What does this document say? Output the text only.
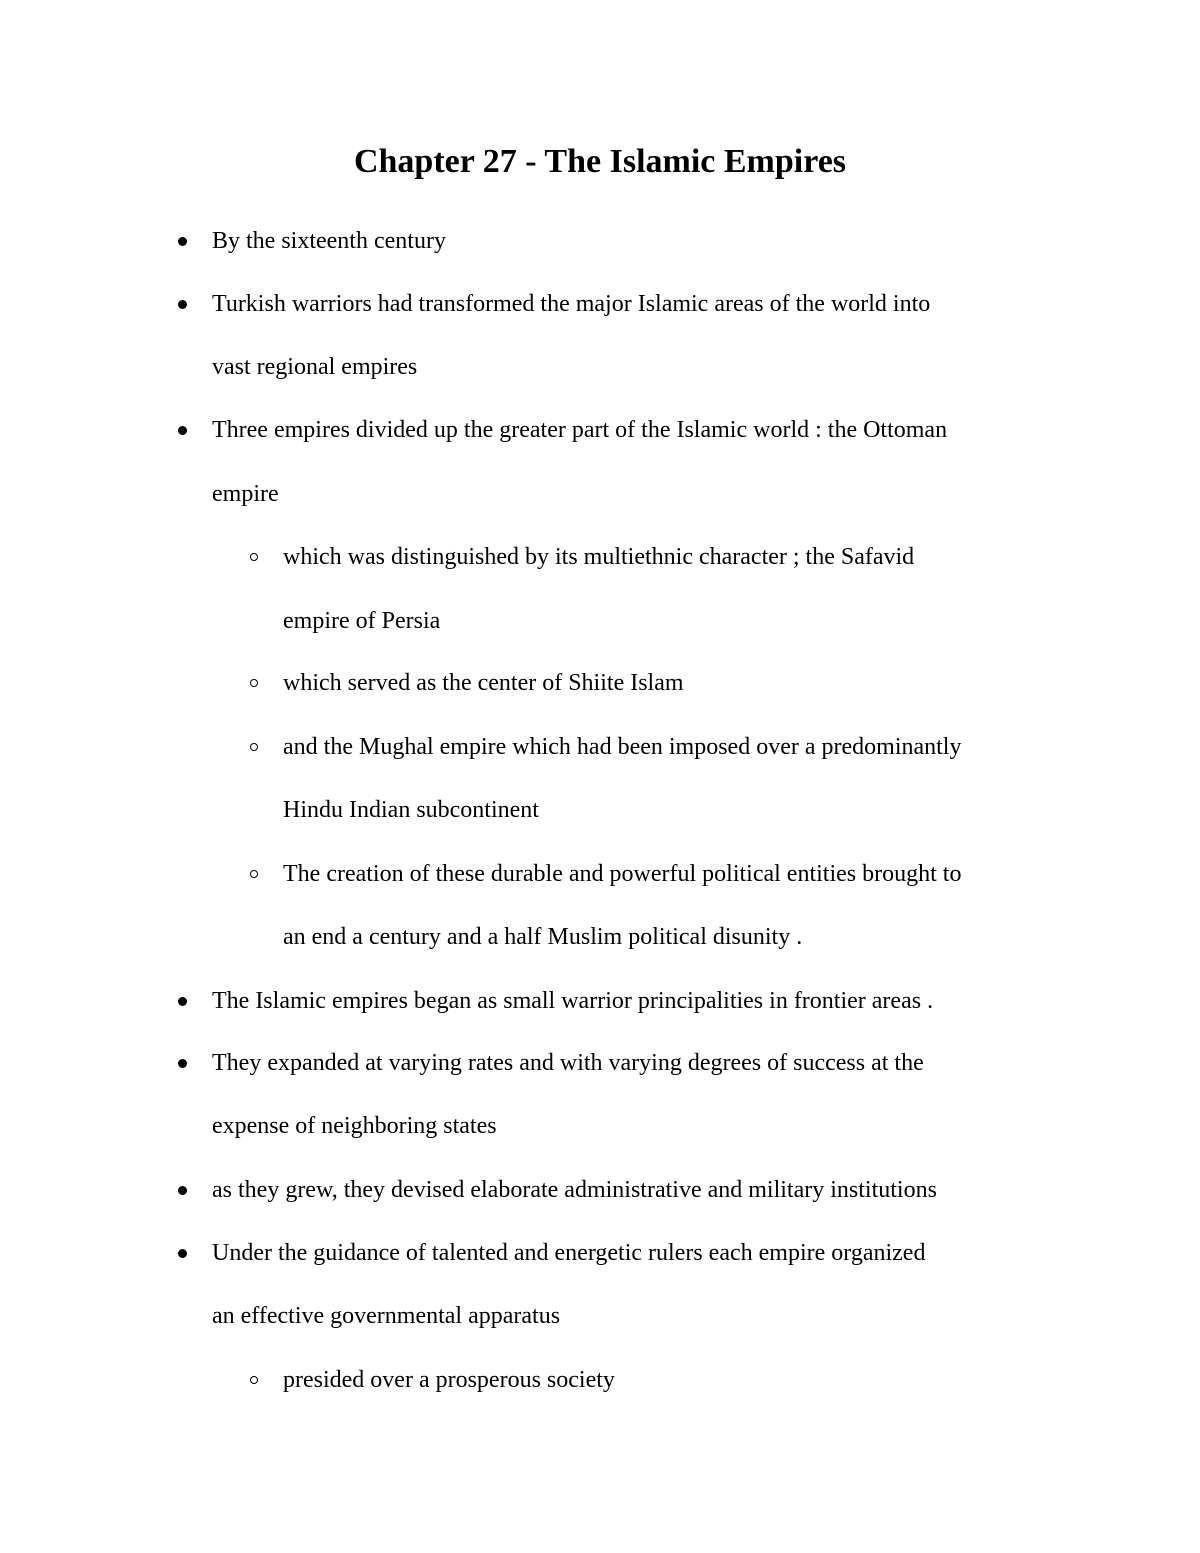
Chapter 27 - The Islamic Empires
By the sixteenth century
Turkish warriors had transformed the major Islamic areas of the world into
vast regional empires
Three empires divided up the greater part of the Islamic world : the Ottoman
empire
which was distinguished by its multiethnic character ; the Safavid
empire of Persia
which served as the center of Shiite Islam
and the Mughal empire which had been imposed over a predominantly
Hindu Indian subcontinent
The creation of these durable and powerful political entities brought to
an end a century and a half Muslim political disunity .
The Islamic empires began as small warrior principalities in frontier areas .
They expanded at varying rates and with varying degrees of success at the
expense of neighboring states
as they grew, they devised elaborate administrative and military institutions
Under the guidance of talented and energetic rulers each empire organized
an effective governmental apparatus
presided over a prosperous society
